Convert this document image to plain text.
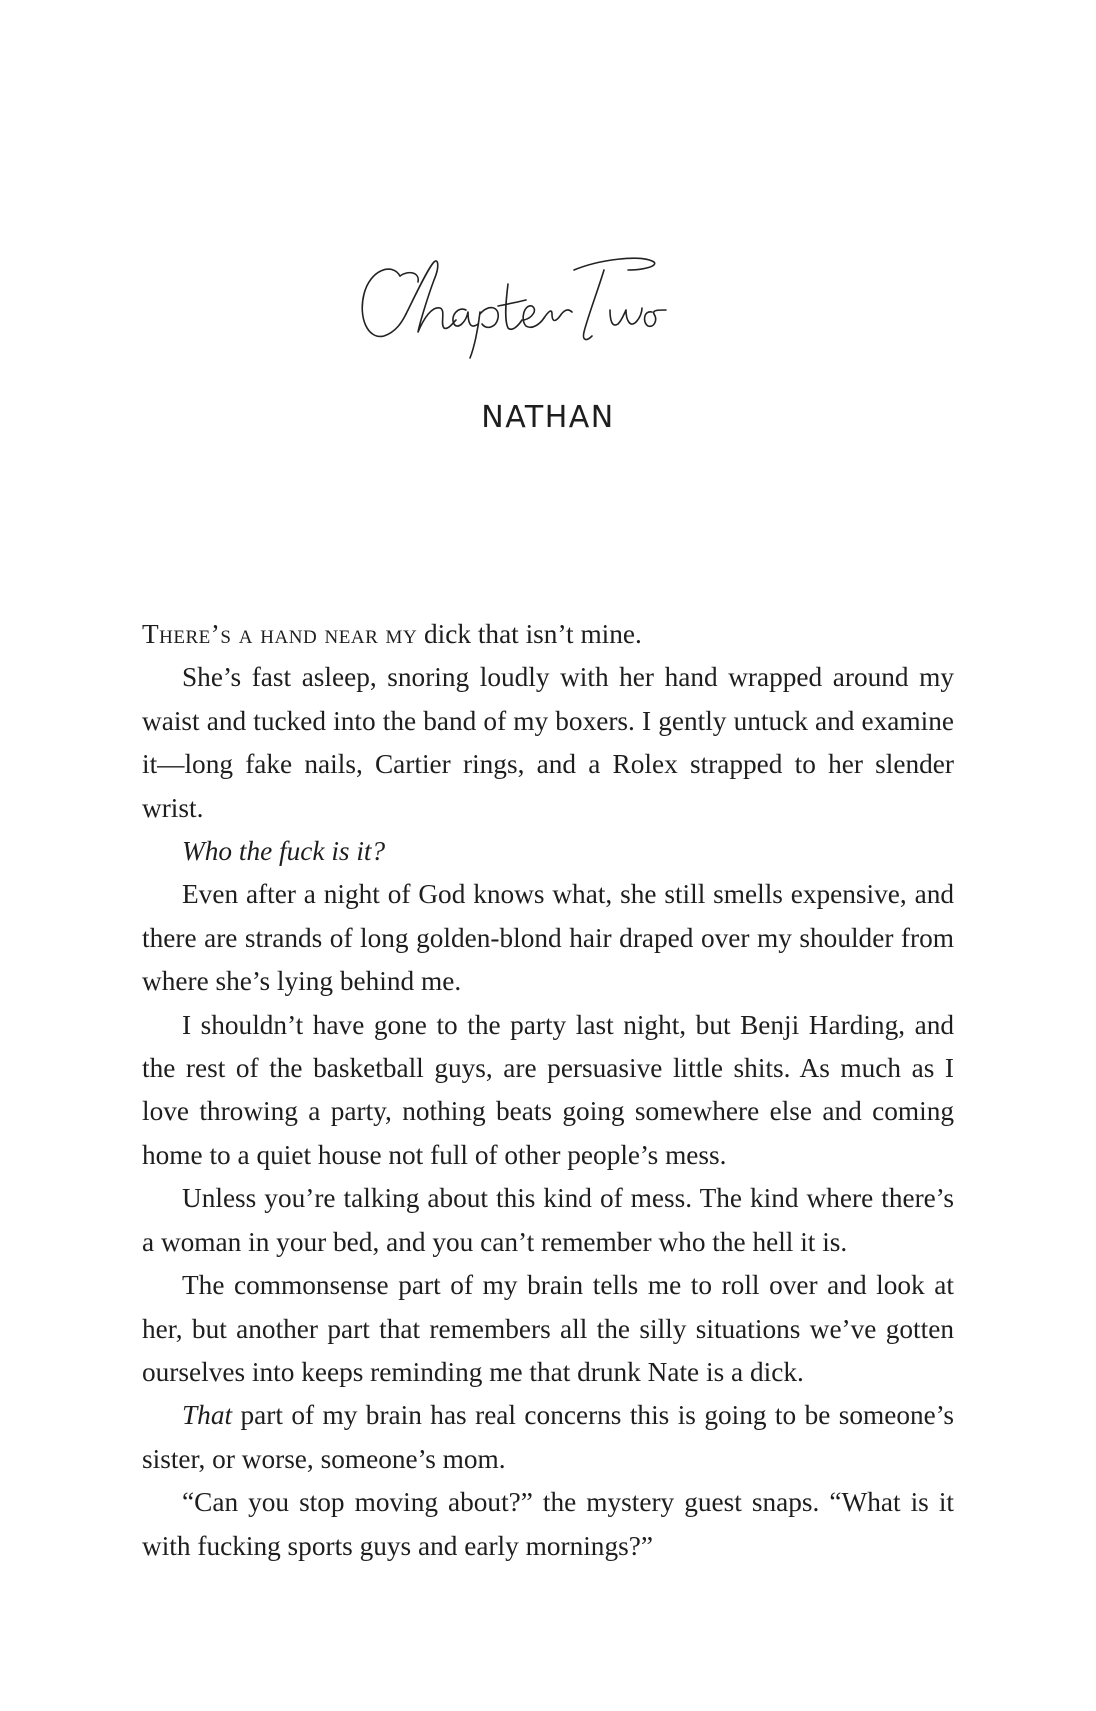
NATHAN

There’s a hand near my dick that isn’t mine.

She’s fast asleep, snoring loudly with her hand wrapped around my waist and tucked into the band of my boxers. I gently untuck and examine it—long fake nails, Cartier rings, and a Rolex strapped to her slender wrist.

Who the fuck is it?

Even after a night of God knows what, she still smells expensive, and there are strands of long golden-blond hair draped over my shoulder from where she’s lying behind me.

I shouldn’t have gone to the party last night, but Benji Harding, and the rest of the basketball guys, are persuasive little shits. As much as I love throwing a party, nothing beats going somewhere else and coming home to a quiet house not full of other people’s mess.

Unless you’re talking about this kind of mess. The kind where there’s a woman in your bed, and you can’t remember who the hell it is.

The commonsense part of my brain tells me to roll over and look at her, but another part that remembers all the silly situations we’ve gotten ourselves into keeps reminding me that drunk Nate is a dick.

That part of my brain has real concerns this is going to be someone’s sister, or worse, someone’s mom.

“Can you stop moving about?” the mystery guest snaps. “What is it with fucking sports guys and early mornings?”
